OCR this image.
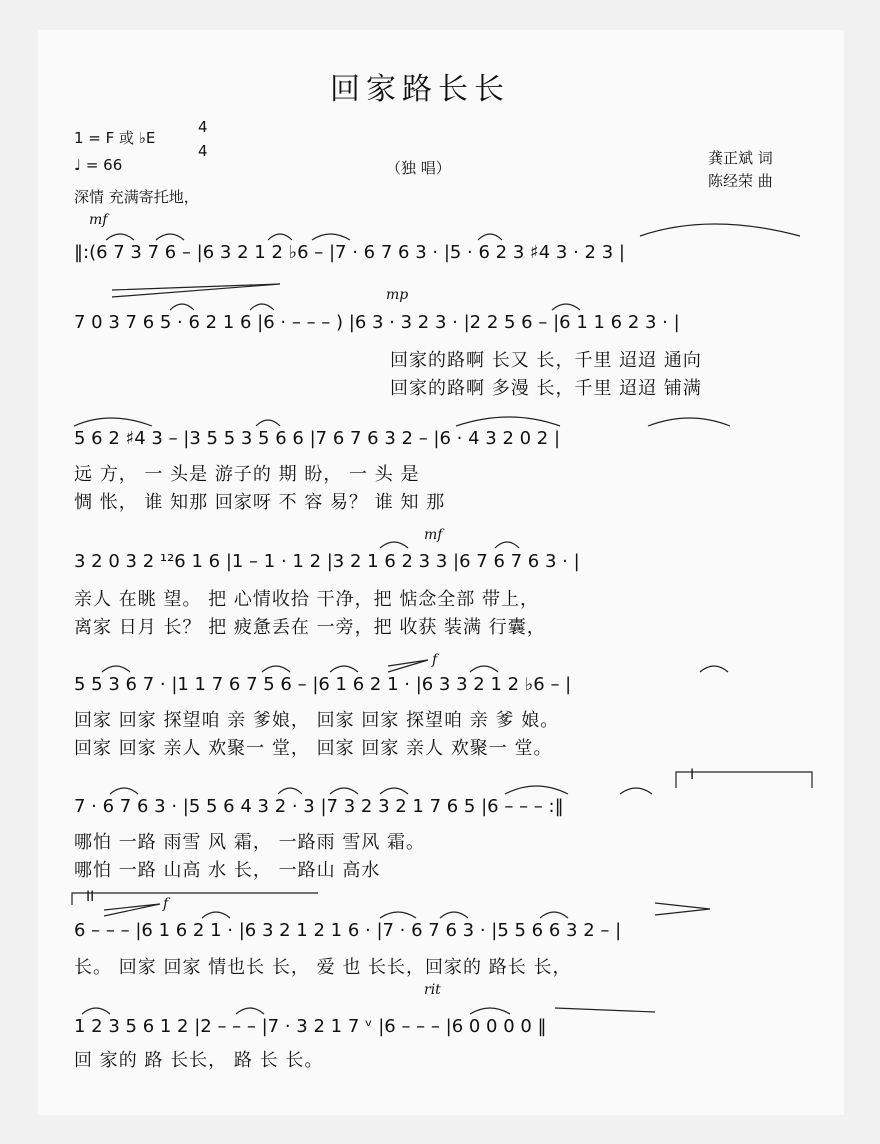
回家路长长
1 = F 或 ♭E
4
4
♩ = 66
深情 充满寄托地，
（独 唱）
龚正斌 词
陈经荣 曲
mf
mp
mf
f
f
rit
I
II
‖:(6 7 3 7 6 – |6 3 2 1 2 ♭6 – |7 · 6 7 6 3 · |5 · 6 2 3 ♯4 3 · 2 3 |
7 0 3 7 6 5 · 6 2 1 6 |6 · – – – ) |6 3 · 3 2 3 · |2 2 5 6 – |6 1 1 6 2 3 · |
回家的路啊 长又 长，千里 迢迢 通向
回家的路啊 多漫 长，千里 迢迢 铺满
5 6 2 ♯4 3 – |3 5 5 3 5 6 6 |7 6 7 6 3 2 – |6 · 4 3 2 0 2 |
远 方， 一 头是 游子的 期 盼， 一 头 是
惆 怅， 谁 知那 回家呀 不 容 易？ 谁 知 那
3 2 0 3 2 ¹²6 1 6 |1 – 1 · 1 2 |3 2 1 6 2 3 3 |6 7 6 7 6 3 · |
亲人 在眺 望。 把 心情收拾 干净，把 惦念全部 带上，
离家 日月 长？ 把 疲惫丢在 一旁，把 收获 装满 行囊，
5 5 3 6 7 · |1 1 7 6 7 5 6 – |6 1 6 2 1 · |6 3 3 2 1 2 ♭6 – |
回家 回家 探望咱 亲 爹娘， 回家 回家 探望咱 亲 爹 娘。
回家 回家 亲人 欢聚一 堂， 回家 回家 亲人 欢聚一 堂。
7 · 6 7 6 3 · |5 5 6 4 3 2 · 3 |7 3 2 3 2 1 7 6 5 |6 – – – :‖
哪怕 一路 雨雪 风 霜， 一路雨 雪风 霜。
哪怕 一路 山高 水 长， 一路山 高水
6 – – – |6 1 6 2 1 · |6 3 2 1 2 1 6 · |7 · 6 7 6 3 · |5 5 6 6 3 2 – |
长。 回家 回家 情也长 长， 爱 也 长长，回家的 路长 长，
1 2 3 5 6 1 2 |2 – – – |7 · 3 2 1 7 ᵛ |6 – – – |6 0 0 0 0 ‖
回 家的 路 长长， 路 长 长。
